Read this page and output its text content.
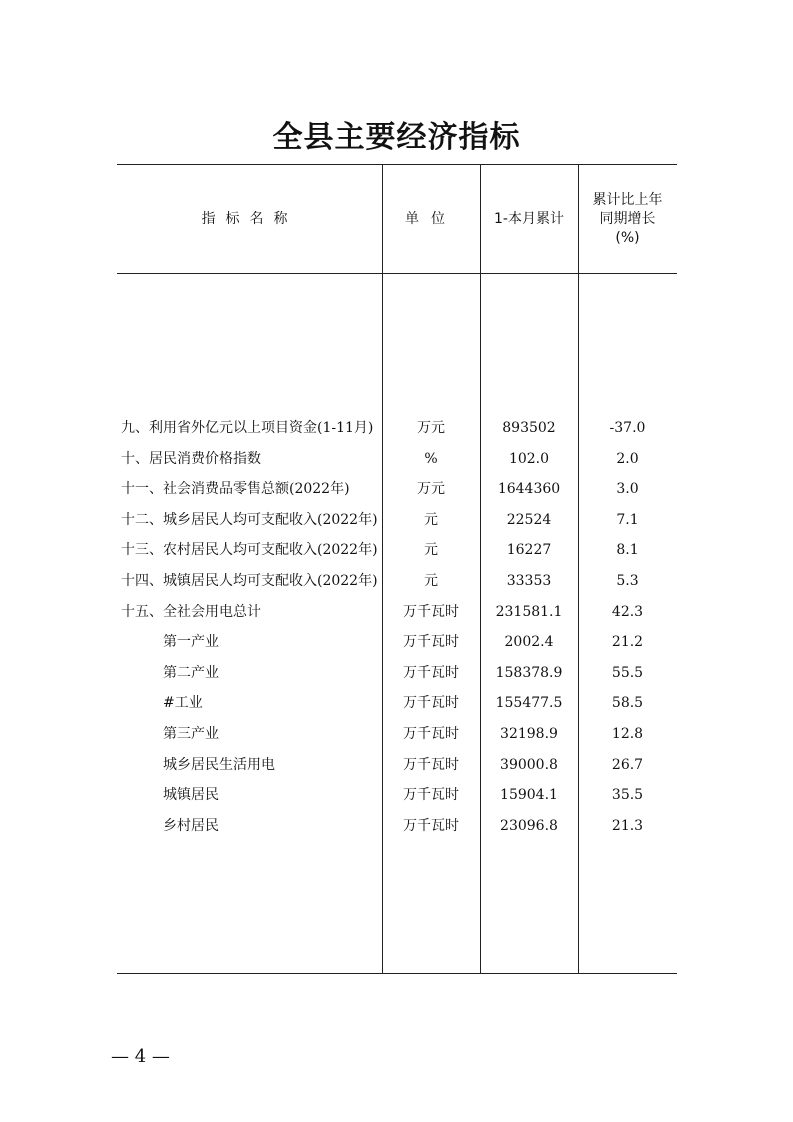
全县主要经济指标
指标名称	单位	1-本月累计
累计比上年
同期增长
(%)
九、利用省外亿元以上项目资金(1-11月)	万元	893502	-37.0
十、居民消费价格指数	%	102.0	2.0
十一、社会消费品零售总额(2022年)	万元	1644360	3.0
十二、城乡居民人均可支配收入(2022年)	元	22524	7.1
十三、农村居民人均可支配收入(2022年)	元	16227	8.1
十四、城镇居民人均可支配收入(2022年)	元	33353	5.3
十五、全社会用电总计	万千瓦时	231581.1	42.3
第一产业	万千瓦时	2002.4	21.2
第二产业	万千瓦时	158378.9	55.5
#工业	万千瓦时	155477.5	58.5
第三产业	万千瓦时	32198.9	12.8
城乡居民生活用电	万千瓦时	39000.8	26.7
城镇居民	万千瓦时	15904.1	35.5
乡村居民	万千瓦时	23096.8	21.3
— 4 —
